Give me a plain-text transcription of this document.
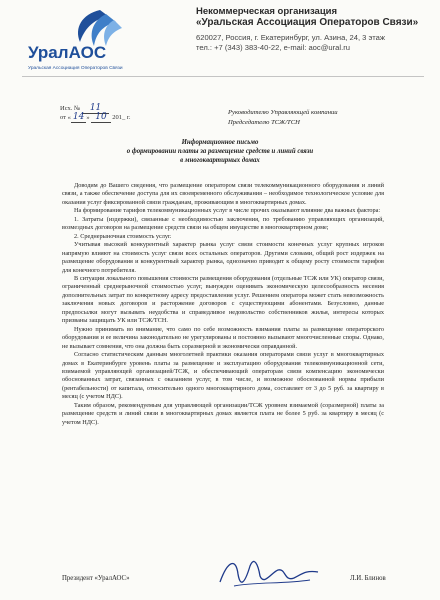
УралАОС
Уральская Ассоциация Операторов Связи
Некоммерческая организация
«Уральская Ассоциация Операторов Связи»
620027, Россия, г. Екатеринбург, ул. Азина, 24, 3 этаж
тел.: +7 (343) 383-40-22, e-mail: aoc@ural.ru
Исх. № 11
от « 14 » 10 201_ г.
Руководителю Управляющей компании
Председателю ТСЖ/ТСН
Информационное письмо
о формировании платы за размещение средств и линий связи
в многоквартирных домах

Доводим до Вашего сведения, что размещение оператором связи телекоммуникационного оборудования и линий связи, а также обеспечение доступа для их своевременного обслуживания – необходимое технологическое условие для оказания услуг фиксированной связи гражданам, проживающим в многоквартирных домах.

На формирование тарифов телекоммуникационных услуг в числе прочих оказывают влияние два важных фактора:

1. Затраты (издержки), связанные с необходимостью заключения, по требованию управляющих организаций, возмездных договоров на размещение средств связи на общем имуществе в многоквартирном доме;

2. Среднерыночная стоимость услуг.

Учитывая высокий конкурентный характер рынка услуг связи стоимости конечных услуг крупных игроков напрямую влияют на стоимость услуг связи всех остальных операторов. Другими словами, общий рост издержек на размещение оборудования и конкурентный характер рынка, однозначно приводит к общему росту стоимости тарифов для конечного потребителя.

В ситуации локального повышения стоимости размещения оборудования (отдельные ТСЖ или УК) оператор связи, ограниченный среднерыночной стоимостью услуг, вынужден оценивать экономическую целесообразность несения дополнительных затрат по конкретному адресу предоставления услуг. Решением оператора может стать невозможность заключения новых договоров и расторжение договоров с существующими абонентами. Безусловно, данные предпосылки могут вызывать неудобства и справедливое недовольство собственников жилья, интересы которых призваны защищать УК или ТСЖ/ТСН.

Нужно принимать во внимание, что само по себе возможность взимания платы за размещение операторского оборудования и ее величина законодательно не урегулированы и постоянно вызывают многочисленные споры. Однако, не вызывает сомнения, что она должна быть соразмерной и экономически оправданной.

Согласно статистическим данным многолетней практики оказания операторами связи услуг в многоквартирных домах в Екатеринбурге уровень платы за размещение и эксплуатацию оборудования телекоммуникационной сети, взимаемой управляющей организацией/ТСЖ, и обеспечивающий операторам связи компенсацию экономически обоснованных затрат, связанных с оказанием услуг, в том числе, и возможное обоснованной нормы прибыли (рентабельности) от капитала, относительно одного многоквартирного дома, составляет от 3 до 5 руб. за квартиру в месяц (с учетом НДС).

Таким образом, рекомендуемым для управляющей организации/ТСЖ уровнем взимаемой (соразмерной) платы за размещение средств и линий связи в многоквартирных домах является плата не более 5 руб. за квартиру в месяц (с учетом НДС).

Президент «УралАОС»	Л.И. Блинов
